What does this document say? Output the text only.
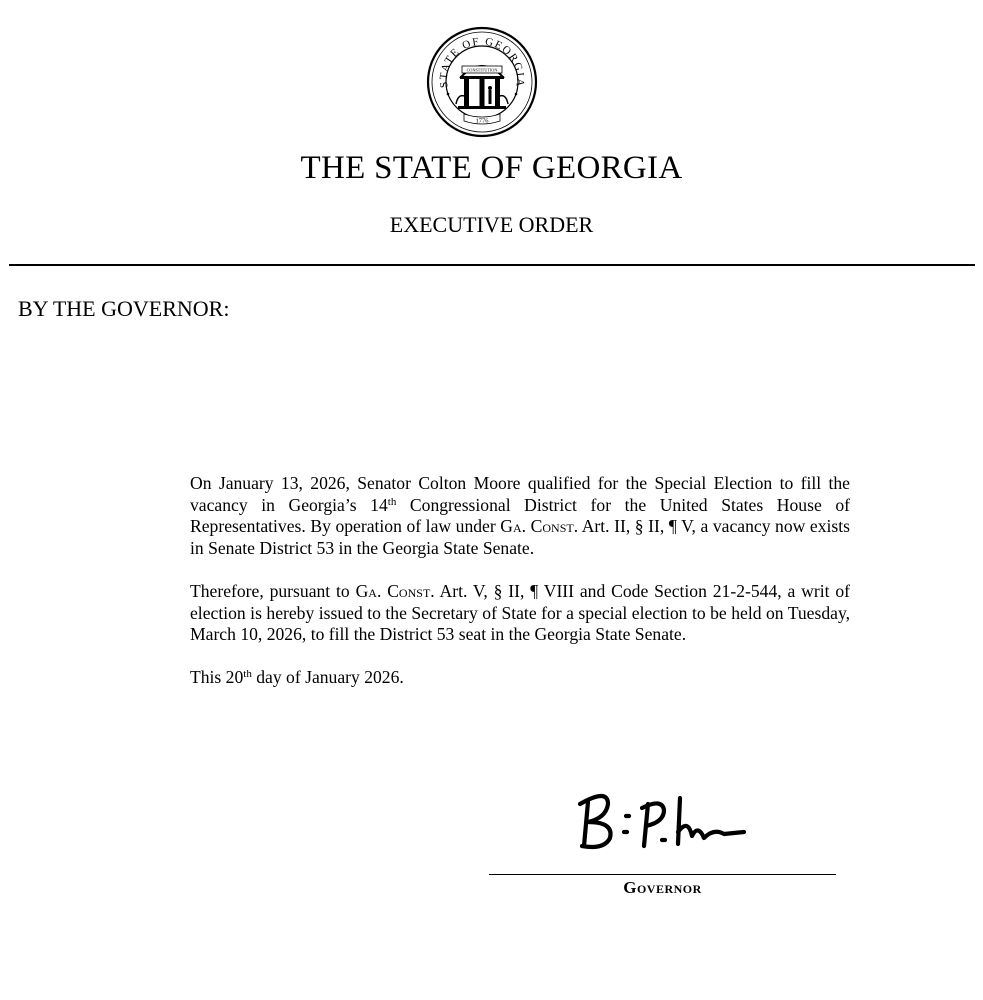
STATE OF GEORGIA
CONSTITUTION
1776
THE STATE OF GEORGIA
EXECUTIVE ORDER
BY THE GOVERNOR:

On January 13, 2026, Senator Colton Moore qualified for the Special Election to fill the vacancy in Georgia’s 14th Congressional District for the United States House of Representatives. By operation of law under Ga. Const. Art. II, § II, ¶ V, a vacancy now exists in Senate District 53 in the Georgia State Senate.

Therefore, pursuant to Ga. Const. Art. V, § II, ¶ VIII and Code Section 21-2-544, a writ of election is hereby issued to the Secretary of State for a special election to be held on Tuesday, March 10, 2026, to fill the District 53 seat in the Georgia State Senate.

This 20th day of January 2026.

Governor
